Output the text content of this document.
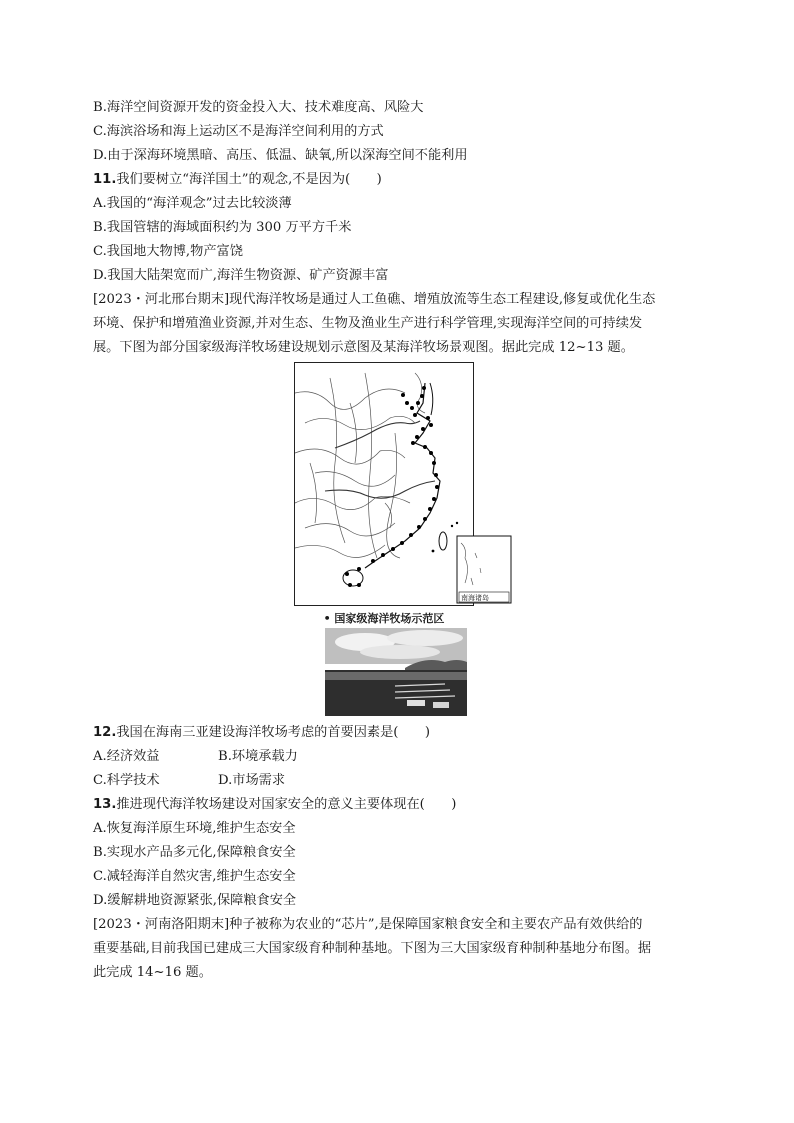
B.海洋空间资源开发的资金投入大、技术难度高、风险大
C.海滨浴场和海上运动区不是海洋空间利用的方式
D.由于深海环境黑暗、高压、低温、缺氧,所以深海空间不能利用
11.我们要树立“海洋国土”的观念,不是因为(　　)
A.我国的“海洋观念”过去比较淡薄
B.我国管辖的海域面积约为 300 万平方千米
C.我国地大物博,物产富饶
D.我国大陆架宽而广,海洋生物资源、矿产资源丰富
[2023・河北邢台期末]现代海洋牧场是通过人工鱼礁、增殖放流等生态工程建设,修复或优化生态
环境、保护和增殖渔业资源,并对生态、生物及渔业生产进行科学管理,实现海洋空间的可持续发
展。下图为部分国家级海洋牧场建设规划示意图及某海洋牧场景观图。据此完成 12~13 题。
南海诸岛
• 国家级海洋牧场示范区
12.我国在海南三亚建设海洋牧场考虑的首要因素是(　　)
A.经济效益	B.环境承载力
C.科学技术	D.市场需求
13.推进现代海洋牧场建设对国家安全的意义主要体现在(　　)
A.恢复海洋原生环境,维护生态安全
B.实现水产品多元化,保障粮食安全
C.减轻海洋自然灾害,维护生态安全
D.缓解耕地资源紧张,保障粮食安全
[2023・河南洛阳期末]种子被称为农业的“芯片”,是保障国家粮食安全和主要农产品有效供给的
重要基础,目前我国已建成三大国家级育种制种基地。下图为三大国家级育种制种基地分布图。据
此完成 14~16 题。
